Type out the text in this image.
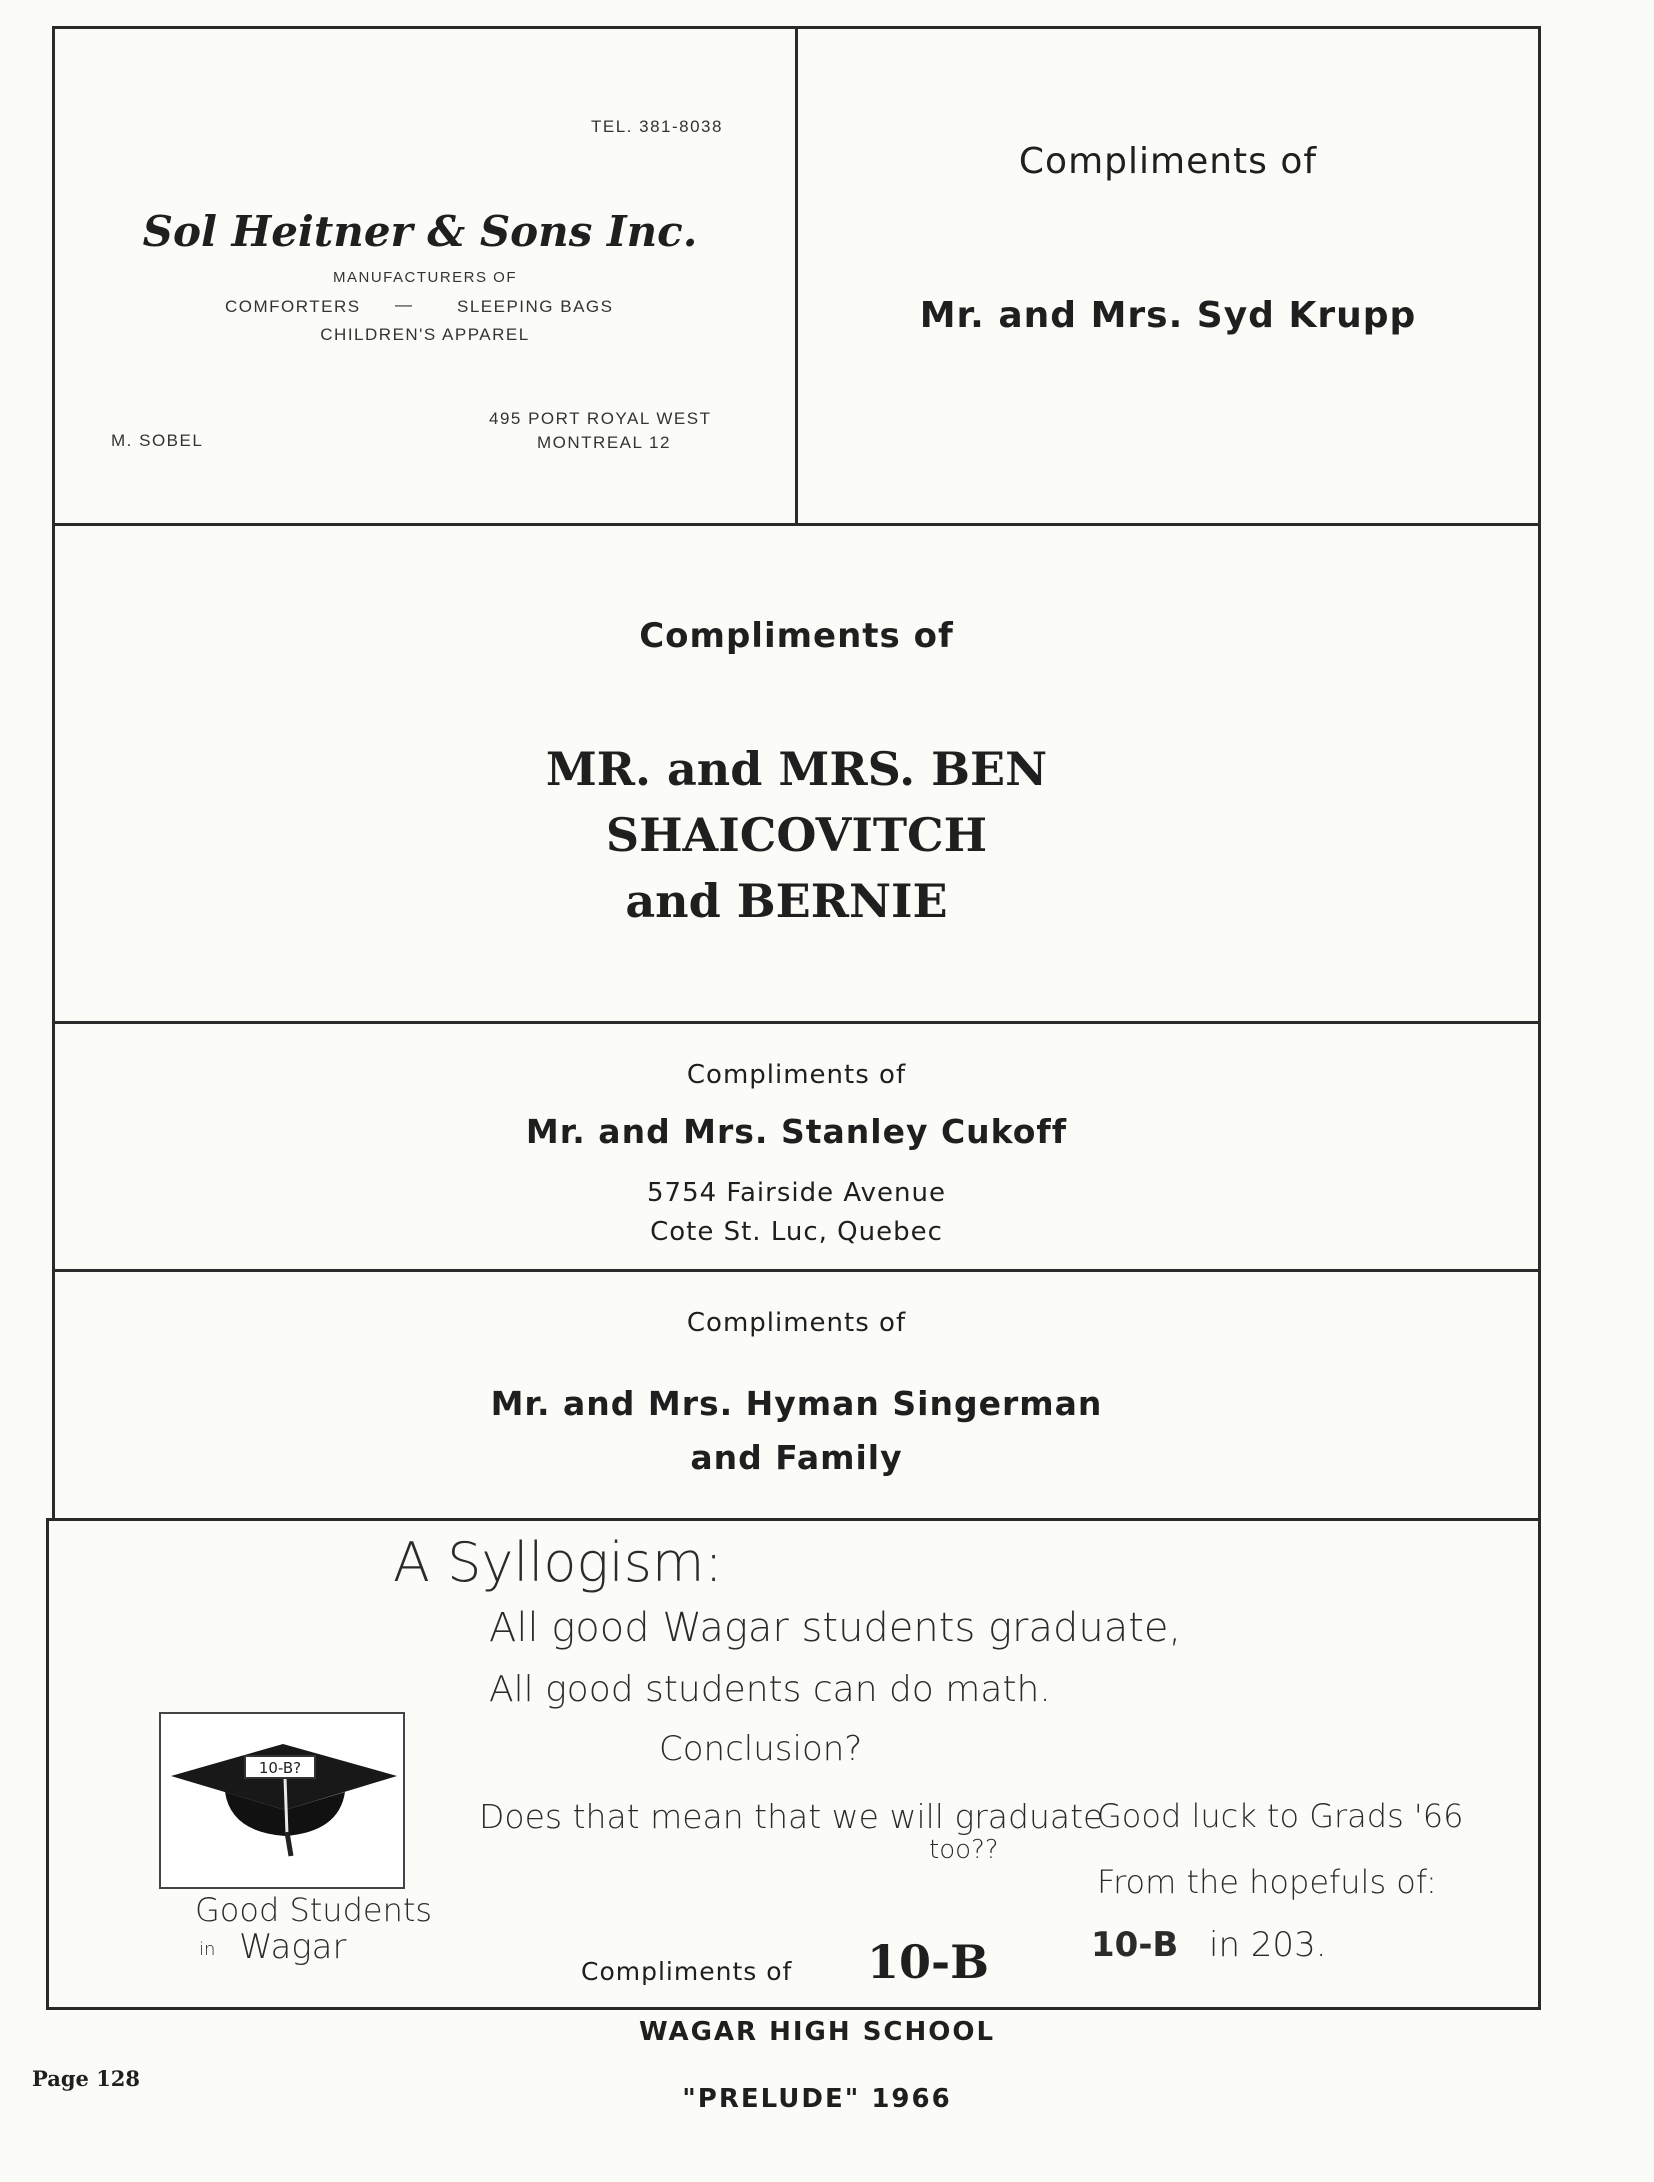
TEL. 381-8038
Sol Heitner & Sons Inc.
MANUFACTURERS OF
COMFORTERS —	SLEEPING BAGS
CHILDREN'S APPAREL
M. SOBEL
495 PORT ROYAL WEST
MONTREAL 12
Compliments of
Mr. and Mrs. Syd Krupp
Compliments of
MR. and MRS. BEN
SHAICOVITCH
and BERNIE
Compliments of
Mr. and Mrs. Stanley Cukoff
5754 Fairside Avenue
Cote St. Luc, Quebec
Compliments of
Mr. and Mrs. Hyman Singerman
and Family
A Syllogism:
All good Wagar students graduate,
All good students can do math.
Conclusion?
Does that mean that we will graduate
too??
10-B?
Good Students
in Wagar
Good luck to Grads '66
From the hopefuls of:
10-B in 203.
Compliments of 10-B
WAGAR HIGH SCHOOL
Page 128
"PRELUDE" 1966
